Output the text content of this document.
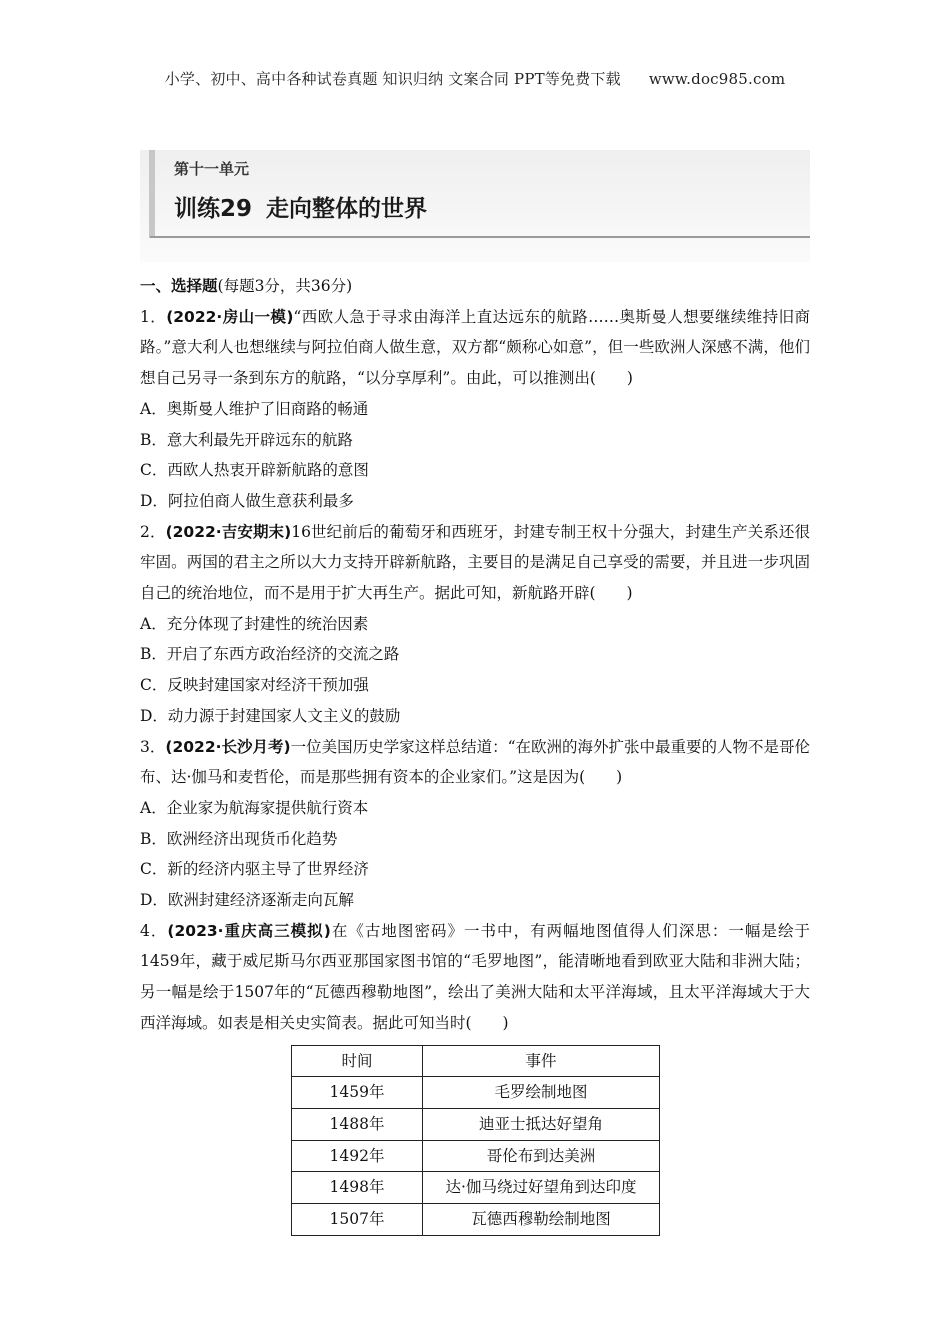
小学、初中、高中各种试卷真题 知识归纳 文案合同 PPT等免费下载 www.doc985.com
第十一单元
训练29 走向整体的世界
一、选择题(每题3分，共36分)
1．(2022·房山一模)“西欧人急于寻求由海洋上直达远东的航路……奥斯曼人想要继续维持旧商路。”意大利人也想继续与阿拉伯商人做生意，双方都“颇称心如意”，但一些欧洲人深感不满，他们想自己另寻一条到东方的航路，“以分享厚利”。由此，可以推测出(　　)
A．奥斯曼人维护了旧商路的畅通
B．意大利最先开辟远东的航路
C．西欧人热衷开辟新航路的意图
D．阿拉伯商人做生意获利最多
2．(2022·吉安期末)16世纪前后的葡萄牙和西班牙，封建专制王权十分强大，封建生产关系还很牢固。两国的君主之所以大力支持开辟新航路，主要目的是满足自己享受的需要，并且进一步巩固自己的统治地位，而不是用于扩大再生产。据此可知，新航路开辟(　　)
A．充分体现了封建性的统治因素
B．开启了东西方政治经济的交流之路
C．反映封建国家对经济干预加强
D．动力源于封建国家人文主义的鼓励
3．(2022·长沙月考)一位美国历史学家这样总结道：“在欧洲的海外扩张中最重要的人物不是哥伦布、达·伽马和麦哲伦，而是那些拥有资本的企业家们。”这是因为(　　)
A．企业家为航海家提供航行资本
B．欧洲经济出现货币化趋势
C．新的经济内驱主导了世界经济
D．欧洲封建经济逐渐走向瓦解
4．(2023·重庆高三模拟)在《古地图密码》一书中，有两幅地图值得人们深思：一幅是绘于1459年，藏于威尼斯马尔西亚那国家图书馆的“毛罗地图”，能清晰地看到欧亚大陆和非洲大陆；另一幅是绘于1507年的“瓦德西穆勒地图”，绘出了美洲大陆和太平洋海域，且太平洋海域大于大西洋海域。如表是相关史实简表。据此可知当时(　　)
时间	事件
1459年	毛罗绘制地图
1488年	迪亚士抵达好望角
1492年	哥伦布到达美洲
1498年	达·伽马绕过好望角到达印度
1507年	瓦德西穆勒绘制地图
